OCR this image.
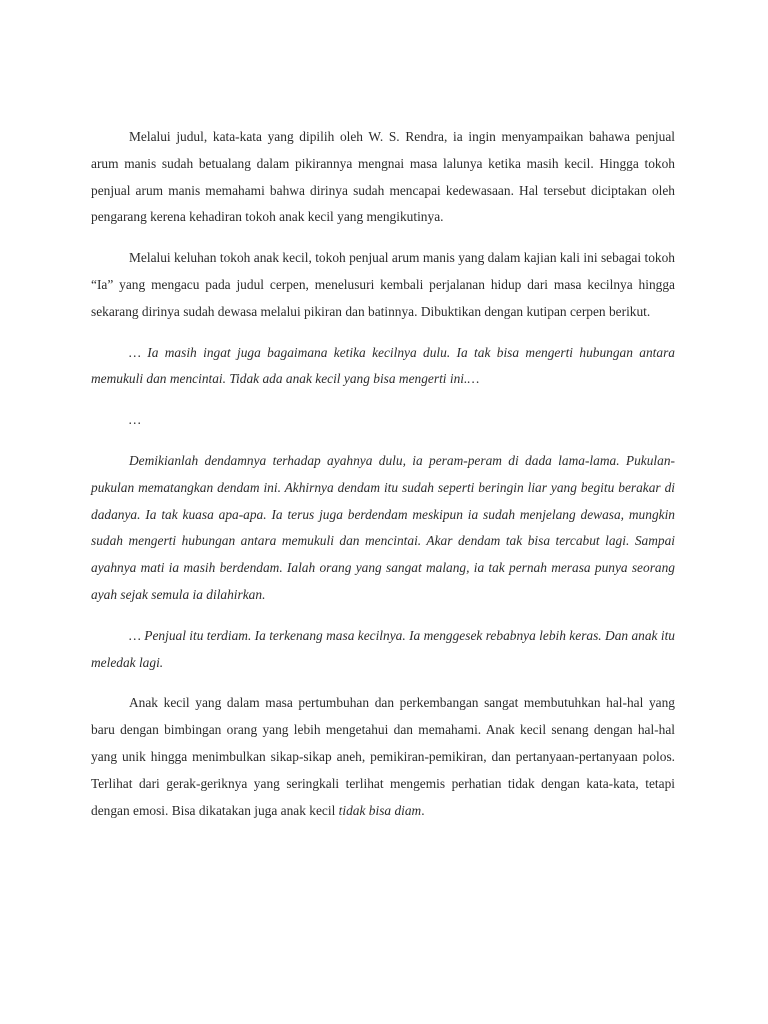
Melalui judul, kata-kata yang dipilih oleh W. S. Rendra, ia ingin menyampaikan bahawa penjual arum manis sudah betualang dalam pikirannya mengnai masa lalunya ketika masih kecil. Hingga tokoh penjual arum manis memahami bahwa dirinya sudah mencapai kedewasaan. Hal tersebut diciptakan oleh pengarang kerena kehadiran tokoh anak kecil yang mengikutinya.

Melalui keluhan tokoh anak kecil, tokoh penjual arum manis yang dalam kajian kali ini sebagai tokoh “Ia” yang mengacu pada judul cerpen, menelusuri kembali perjalanan hidup dari masa kecilnya hingga sekarang dirinya sudah dewasa melalui pikiran dan batinnya. Dibuktikan dengan kutipan cerpen berikut.

… Ia masih ingat juga bagaimana ketika kecilnya dulu. Ia tak bisa mengerti hubungan antara memukuli dan mencintai. Tidak ada anak kecil yang bisa mengerti ini.…

…

Demikianlah dendamnya terhadap ayahnya dulu, ia peram-peram di dada lama-lama. Pukulan-pukulan mematangkan dendam ini. Akhirnya dendam itu sudah seperti beringin liar yang begitu berakar di dadanya. Ia tak kuasa apa-apa. Ia terus juga berdendam meskipun ia sudah menjelang dewasa, mungkin sudah mengerti hubungan antara memukuli dan mencintai. Akar dendam tak bisa tercabut lagi. Sampai ayahnya mati ia masih berdendam. Ialah orang yang sangat malang, ia tak pernah merasa punya seorang ayah sejak semula ia dilahirkan.

… Penjual itu terdiam. Ia terkenang masa kecilnya. Ia menggesek rebabnya lebih keras. Dan anak itu meledak lagi.

Anak kecil yang dalam masa pertumbuhan dan perkembangan sangat membutuhkan hal-hal yang baru dengan bimbingan orang yang lebih mengetahui dan memahami. Anak kecil senang dengan hal-hal yang unik hingga menimbulkan sikap-sikap aneh, pemikiran-pemikiran, dan pertanyaan-pertanyaan polos. Terlihat dari gerak-geriknya yang seringkali terlihat mengemis perhatian tidak dengan kata-kata, tetapi dengan emosi. Bisa dikatakan juga anak kecil tidak bisa diam.
